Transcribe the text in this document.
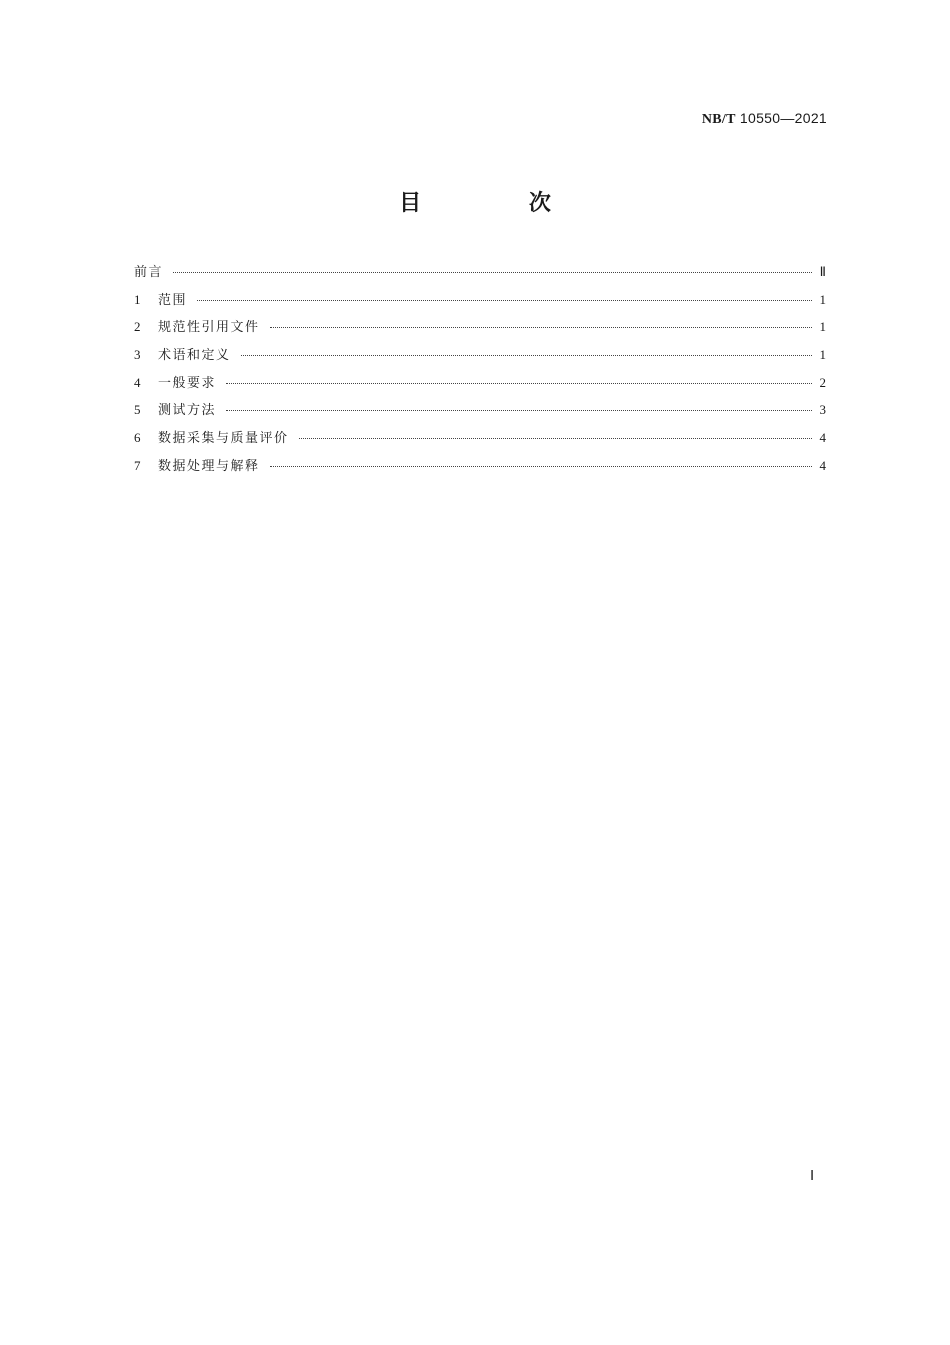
NB/T 10550—2021
目 次
前言	Ⅱ
1	范围	1
2	规范性引用文件	1
3	术语和定义	1
4	一般要求	2
5	测试方法	3
6	数据采集与质量评价	4
7	数据处理与解释	4
Ⅰ
